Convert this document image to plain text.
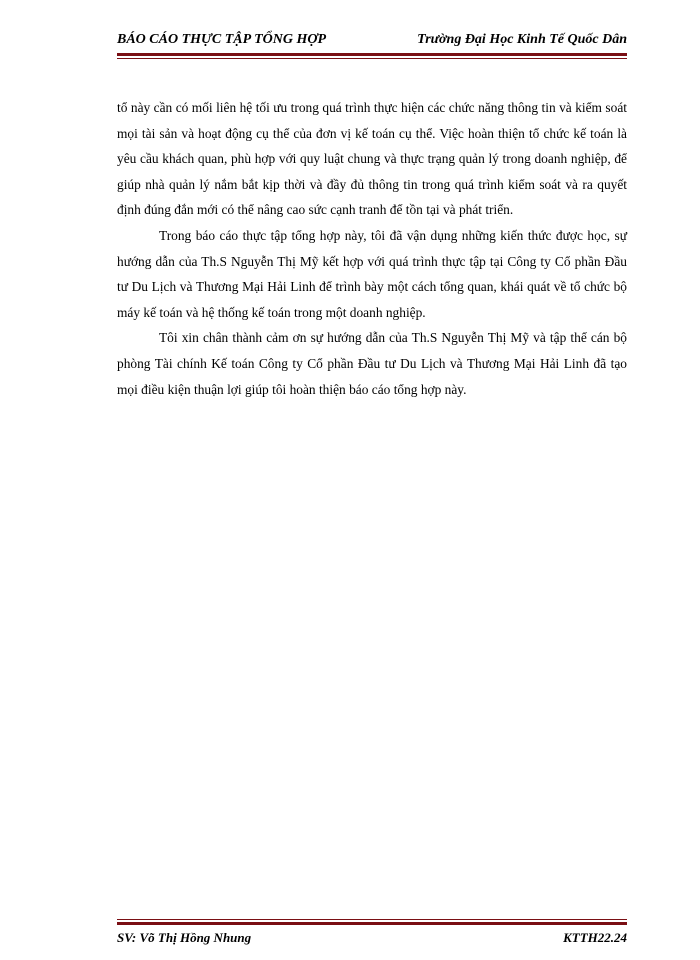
BÁO CÁO THỰC TẬP TỔNG HỢP	Trường Đại Học Kinh Tế Quốc Dân

tổ này cần có mối liên hệ tối ưu trong quá trình thực hiện các chức năng thông tin và kiểm soát mọi tài sản và hoạt động cụ thể của đơn vị kế toán cụ thể. Việc hoàn thiện tổ chức kế toán là yêu cầu khách quan, phù hợp với quy luật chung và thực trạng quản lý trong doanh nghiệp, để giúp nhà quản lý nắm bắt kịp thời và đầy đủ thông tin trong quá trình kiểm soát và ra quyết định đúng đắn mới có thể nâng cao sức cạnh tranh để tồn tại và phát triển.

Trong báo cáo thực tập tổng hợp này, tôi đã vận dụng những kiến thức được học, sự hướng dẫn của Th.S Nguyễn Thị Mỹ kết hợp với quá trình thực tập tại Công ty Cổ phần Đầu tư Du Lịch và Thương Mại Hải Linh để trình bày một cách tổng quan, khái quát về tổ chức bộ máy kế toán và hệ thống kế toán trong một doanh nghiệp.

Tôi xin chân thành cảm ơn sự hướng dẫn của Th.S Nguyễn Thị Mỹ và tập thể cán bộ phòng Tài chính Kế toán Công ty Cổ phần Đầu tư Du Lịch và Thương Mại Hải Linh đã tạo mọi điều kiện thuận lợi giúp tôi hoàn thiện báo cáo tổng hợp này.

SV: Võ Thị Hồng Nhung	KTTH22.24
